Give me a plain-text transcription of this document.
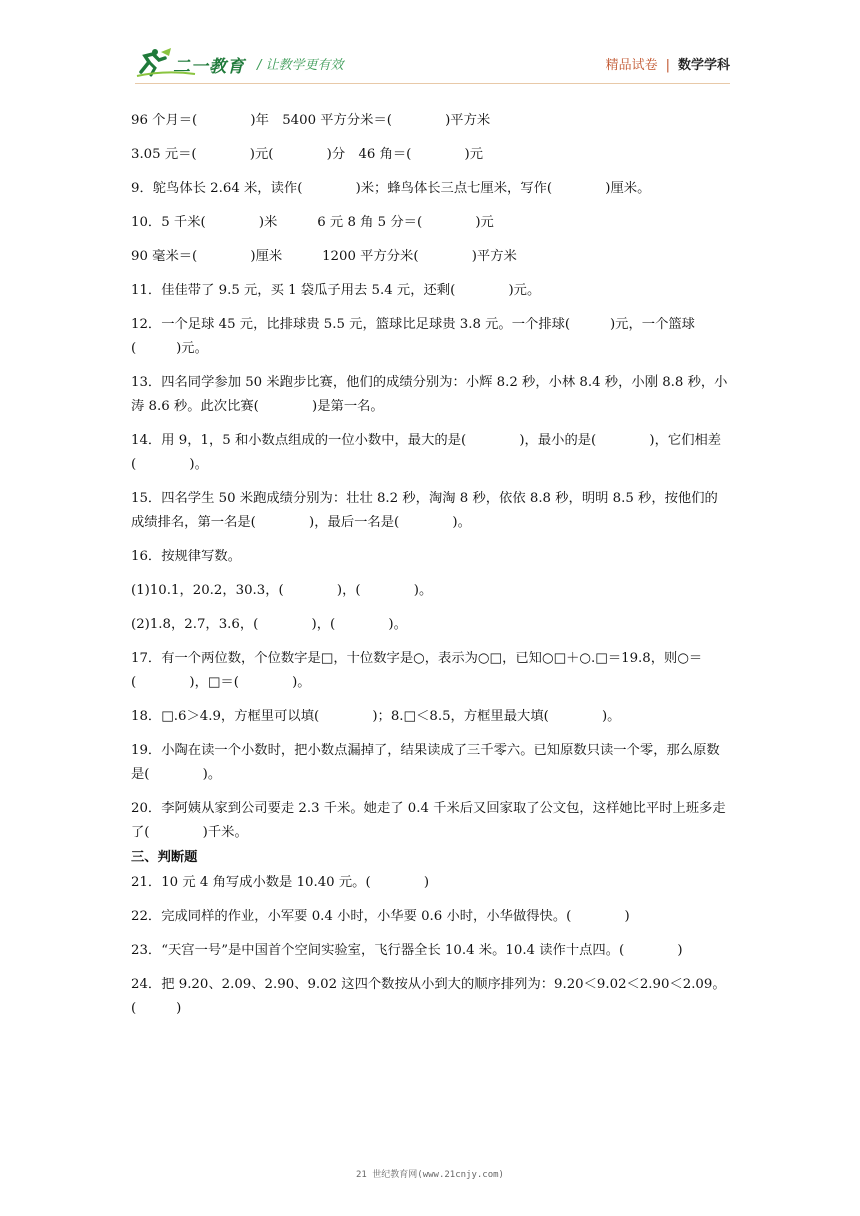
二一教育 / 让教学更有效	精品试卷 | 数学学科
96 个月＝(　　　　)年　5400 平方分米＝(　　　　)平方米
3.05 元＝(　　　　)元(　　　　)分　46 角＝(　　　　)元
9．鸵鸟体长 2.64 米，读作(　　　　)米；蜂鸟体长三点七厘米，写作(　　　　)厘米。
10．5 千米(　　　　)米　　　6 元 8 角 5 分＝(　　　　)元
90 毫米＝(　　　　)厘米　　　1200 平方分米(　　　　)平方米
11．佳佳带了 9.5 元，买 1 袋瓜子用去 5.4 元，还剩(　　　　)元。
12．一个足球 45 元，比排球贵 5.5 元，篮球比足球贵 3.8 元。一个排球(　　　)元，一个篮球(　　　)元。
13．四名同学参加 50 米跑步比赛，他们的成绩分别为：小辉 8.2 秒，小林 8.4 秒，小刚 8.8 秒，小涛 8.6 秒。此次比赛(　　　　)是第一名。
14．用 9，1，5 和小数点组成的一位小数中，最大的是(　　　　)，最小的是(　　　　)，它们相差(　　　　)。
15．四名学生 50 米跑成绩分别为：壮壮 8.2 秒，淘淘 8 秒，依依 8.8 秒，明明 8.5 秒，按他们的成绩排名，第一名是(　　　　)，最后一名是(　　　　)。
16．按规律写数。
(1)10.1，20.2，30.3，(　　　　)，(　　　　)。
(2)1.8，2.7，3.6，(　　　　)，(　　　　)。
17．有一个两位数，个位数字是□，十位数字是○，表示为○□，已知○□＋○.□＝19.8，则○＝(　　　　)，□＝(　　　　)。
18．□.6＞4.9，方框里可以填(　　　　)；8.□＜8.5，方框里最大填(　　　　)。
19．小陶在读一个小数时，把小数点漏掉了，结果读成了三千零六。已知原数只读一个零，那么原数是(　　　　)。
20．李阿姨从家到公司要走 2.3 千米。她走了 0.4 千米后又回家取了公文包，这样她比平时上班多走了(　　　　)千米。
三、判断题
21．10 元 4 角写成小数是 10.40 元。(　　　　)
22．完成同样的作业，小军要 0.4 小时，小华要 0.6 小时，小华做得快。(　　　　)
23．“天宫一号”是中国首个空间实验室，飞行器全长 10.4 米。10.4 读作十点四。(　　　　)
24．把 9.20、2.09、2.90、9.02 这四个数按从小到大的顺序排列为：9.20＜9.02＜2.90＜2.09。(　　　)
21 世纪教育网(www.21cnjy.com)
